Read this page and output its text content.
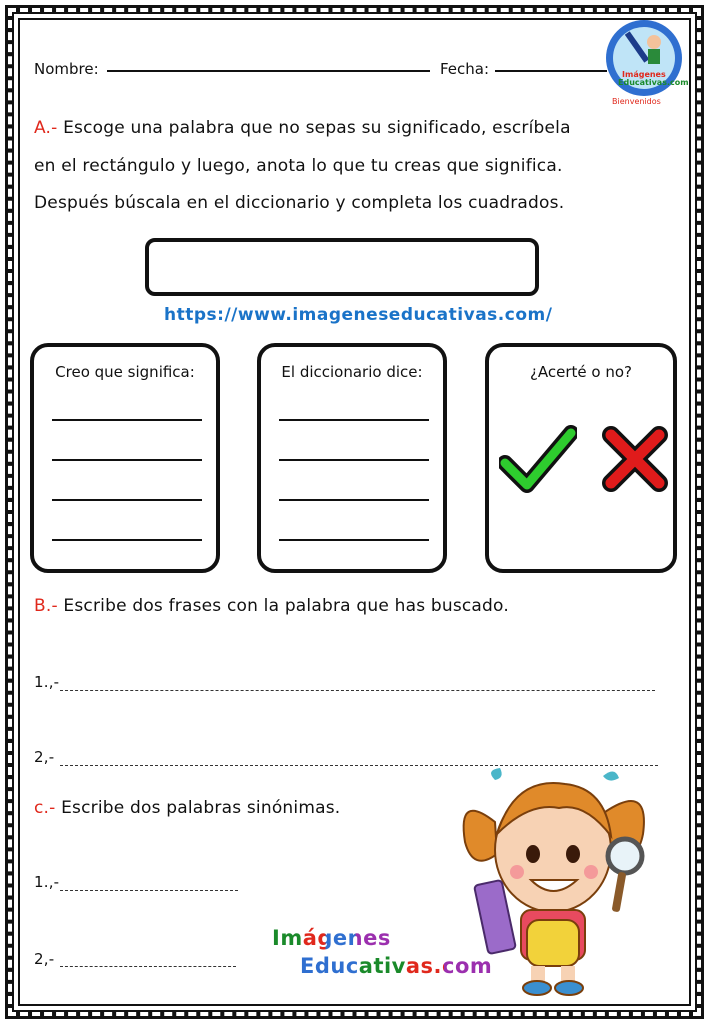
Nombre:	Fecha:	Imágenes
Educativas.com
Bienvenidos
A.- Escoge una palabra que no sepas su significado, escríbela
en el rectángulo y luego, anota lo que tu creas que significa.
Después búscala en el diccionario y completa los cuadrados.
https://www.imageneseducativas.com/
Creo que significa:	El diccionario dice:	¿Acerté o no?
B.- Escribe dos frases con la palabra que has buscado.
1.,-
2,-
c.- Escribe dos palabras sinónimas.
1.,-
2,-
Imágenes
Educativas.com
